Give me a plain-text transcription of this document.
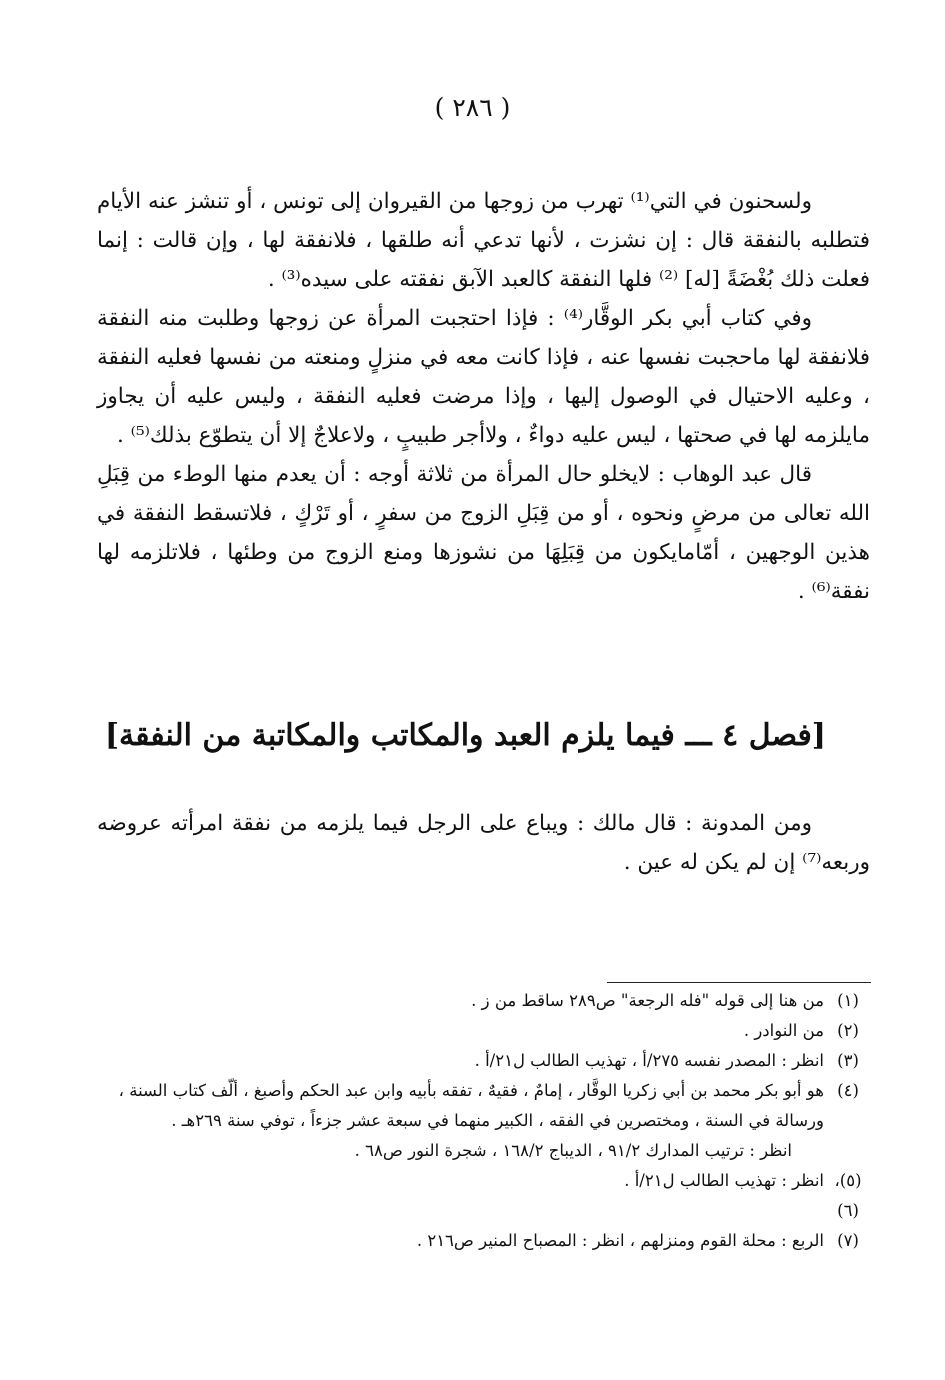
( ٢٨٦ )

ولسحنون في التي⁽¹⁾ تهرب من زوجها من القيروان إلى تونس ، أو تنشز عنه الأيام فتطلبه بالنفقة قال : إن نشزت ، لأنها تدعي أنه طلقها ، فلانفقة لها ، وإن قالت : إنما فعلت ذلك بُغْضَةً [له] ⁽²⁾ فلها النفقة كالعبد الآبق نفقته على سيده⁽³⁾ .

وفي كتاب أبي بكر الوقَّار⁽⁴⁾ : فإذا احتجبت المرأة عن زوجها وطلبت منه النفقة فلانفقة لها ماحجبت نفسها عنه ، فإذا كانت معه في منزلٍ ومنعته من نفسها فعليه النفقة ، وعليه الاحتيال في الوصول إليها ، وإذا مرضت فعليه النفقة ، وليس عليه أن يجاوز مايلزمه لها في صحتها ، ليس عليه دواءٌ ، ولاأجر طبيبٍ ، ولاعلاجٌ إلا أن يتطوّع بذلك⁽⁵⁾ .

قال عبد الوهاب : لايخلو حال المرأة من ثلاثة أوجه : أن يعدم منها الوطء من قِبَلِ الله تعالى من مرضٍ ونحوه ، أو من قِبَلِ الزوج من سفرٍ ، أو تَرْكٍ ، فلاتسقط النفقة في هذين الوجهين ، أمّامايكون من قِبَلِهَا من نشوزها ومنع الزوج من وطئها ، فلاتلزمه لها نفقة⁽⁶⁾ .

[فصل ٤ ـــ فيما يلزم العبد والمكاتب والمكاتبة من النفقة]

ومن المدونة : قال مالك : ويباع على الرجل فيما يلزمه من نفقة امرأته عروضه وربعه⁽⁷⁾ إن لم يكن له عين .

(١)
من هنا إلى قوله "فله الرجعة" ص٢٨٩ ساقط من ز .
(٢)
من النوادر .
(٣)
انظر : المصدر نفسه ٢٧٥/أ ، تهذيب الطالب ل٢١/أ .
(٤)
هو أبو بكر محمد بن أبي زكريا الوقَّار ، إمامٌ ، فقيهٌ ، تفقه بأبيه وابن عبد الحكم وأصبغ ، ألّف كتاب السنة ، ورسالة في السنة ، ومختصرين في الفقه ، الكبير منهما في سبعة عشر جزءاً ، توفي سنة ٢٦٩هـ .
انظر : ترتيب المدارك ٩١/٢ ، الديباج ١٦٨/٢ ، شجرة النور ص٦٨ .
(٥)،(٦)
انظر : تهذيب الطالب ل٢١/أ .
(٧)
الربع : محلة القوم ومنزلهم ، انظر : المصباح المنير ص٢١٦ .
